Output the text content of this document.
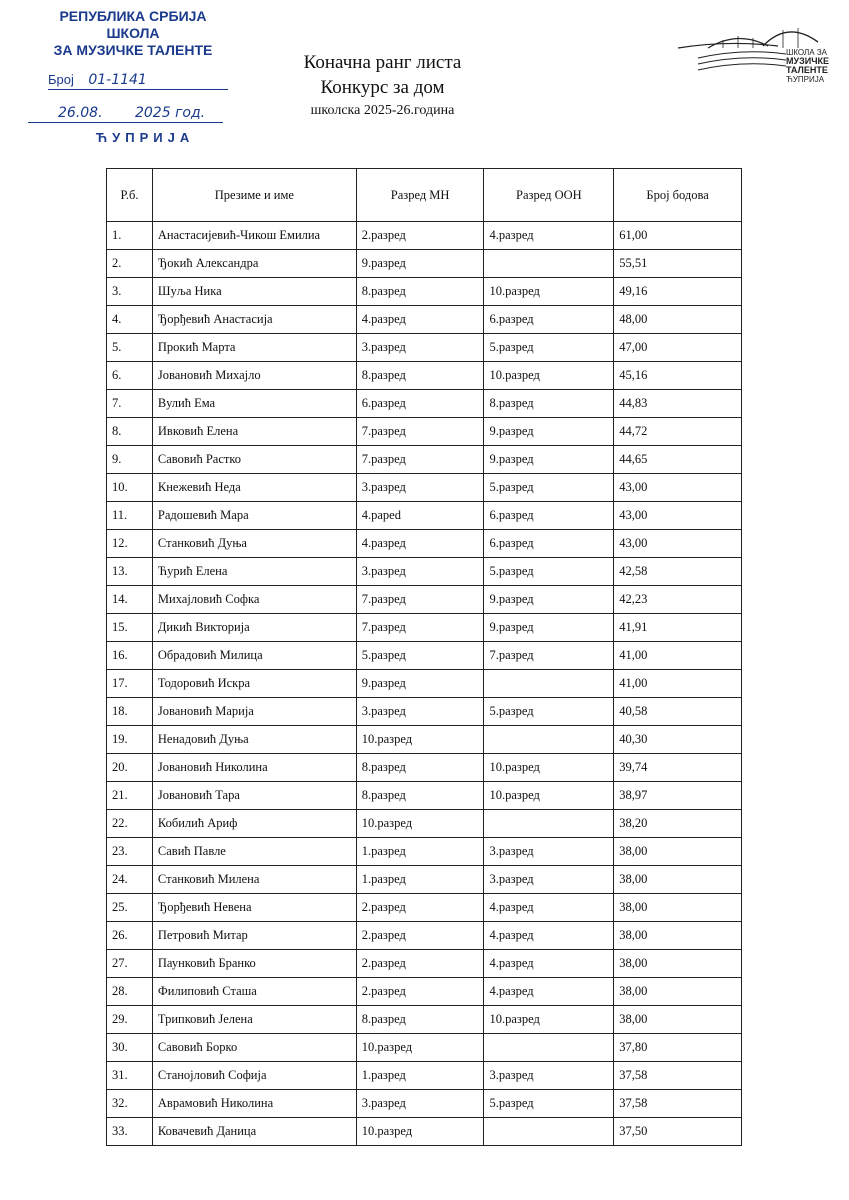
РЕПУБЛИКА СРБИЈА
ШКОЛА
ЗА МУЗИЧКЕ ТАЛЕНТЕ
Број 01-1141
26.08. 2025 год.
ЋУПРИЈА
Коначна ранг листа
Конкурс за дом
школска 2025-26.година
ШКОЛА ЗА
МУЗИЧКЕ
ТАЛЕНТЕ
ЋУПРИЈА
Р.б.	Презиме и име	Разред МН	Разред ООН	Број бодова
1.	Анастасијевић-Чикош Емилиа	2.разред	4.разред	61,00
2.	Ђокић Александра	9.разред		55,51
3.	Шуља Ника	8.разред	10.разред	49,16
4.	Ђорђевић Анастасија	4.разред	6.разред	48,00
5.	Прокић Марта	3.разред	5.разред	47,00
6.	Јовановић Михајло	8.разред	10.разред	45,16
7.	Вулић Ема	6.разред	8.разред	44,83
8.	Ивковић Елена	7.разред	9.разред	44,72
9.	Савовић Растко	7.разред	9.разред	44,65
10.	Кнежевић Неда	3.разред	5.разред	43,00
11.	Радошевић Мара	4.рарed	6.разред	43,00
12.	Станковић Дуња	4.разред	6.разред	43,00
13.	Ћурић Елена	3.разред	5.разред	42,58
14.	Михајловић Софка	7.разред	9.разред	42,23
15.	Дикић Викторија	7.разред	9.разред	41,91
16.	Обрадовић Милица	5.разред	7.разред	41,00
17.	Тодоровић Искра	9.разред		41,00
18.	Јовановић Марија	3.разред	5.разред	40,58
19.	Ненадовић Дуња	10.разред		40,30
20.	Јовановић Николина	8.разред	10.разред	39,74
21.	Јовановић Тара	8.разред	10.разред	38,97
22.	Кобилић Ариф	10.разред		38,20
23.	Савић Павле	1.разред	3.разред	38,00
24.	Станковић Милена	1.разред	3.разред	38,00
25.	Ђорђевић Невена	2.разред	4.разред	38,00
26.	Петровић Митар	2.разред	4.разред	38,00
27.	Паунковић Бранко	2.разред	4.разред	38,00
28.	Филиповић Сташа	2.разред	4.разред	38,00
29.	Трипковић Јелена	8.разред	10.разред	38,00
30.	Савовић Борко	10.разред		37,80
31.	Станојловић Софија	1.разред	3.разред	37,58
32.	Аврамовић Николина	3.разред	5.разред	37,58
33.	Ковачевић Даница	10.разред		37,50
